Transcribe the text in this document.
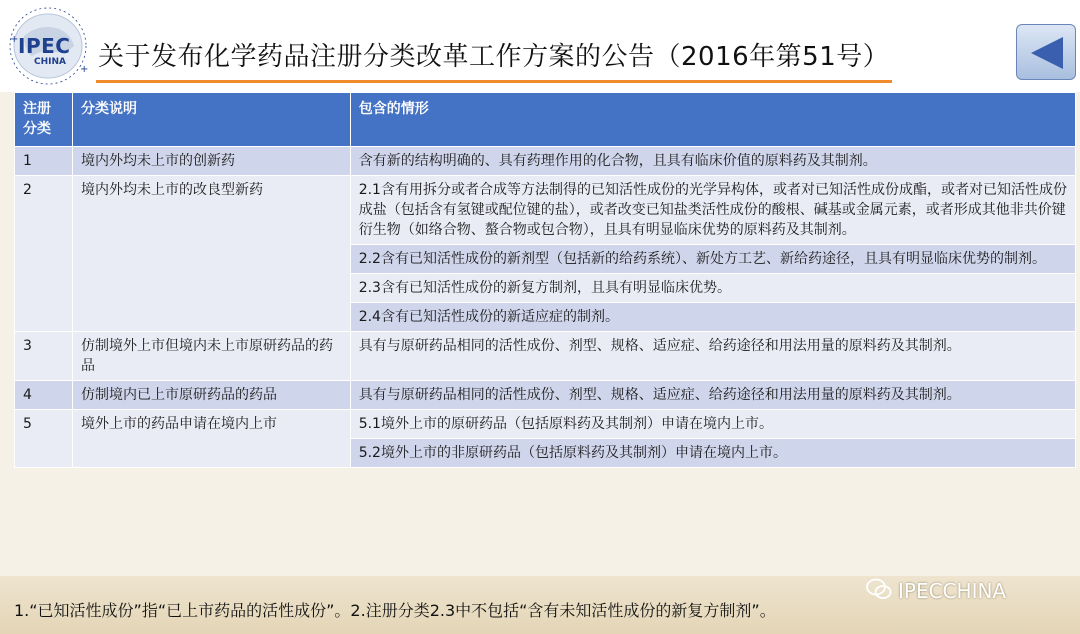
+
+
IPEC
CHINA 关于发布化学药品注册分类改革工作方案的公告（2016年第51号）
注册分类	分类说明	包含的情形
1	境内外均未上市的创新药	含有新的结构明确的、具有药理作用的化合物，且具有临床价值的原料药及其制剂。
2	境内外均未上市的改良型新药	2.1含有用拆分或者合成等方法制得的已知活性成份的光学异构体，或者对已知活性成份成酯，或者对已知活性成份成盐（包括含有氢键或配位键的盐），或者改变已知盐类活性成份的酸根、碱基或金属元素，或者形成其他非共价键衍生物（如络合物、螯合物或包合物），且具有明显临床优势的原料药及其制剂。
		2.2含有已知活性成份的新剂型（包括新的给药系统）、新处方工艺、新给药途径，且具有明显临床优势的制剂。
		2.3含有已知活性成份的新复方制剂，且具有明显临床优势。
		2.4含有已知活性成份的新适应症的制剂。
3	仿制境外上市但境内未上市原研药品的药品	具有与原研药品相同的活性成份、剂型、规格、适应症、给药途径和用法用量的原料药及其制剂。
4	仿制境内已上市原研药品的药品	具有与原研药品相同的活性成份、剂型、规格、适应症、给药途径和用法用量的原料药及其制剂。
5	境外上市的药品申请在境内上市	5.1境外上市的原研药品（包括原料药及其制剂）申请在境内上市。
		5.2境外上市的非原研药品（包括原料药及其制剂）申请在境内上市。
IPECCHINA
1.“已知活性成份”指“已上市药品的活性成份”。2.注册分类2.3中不包括“含有未知活性成份的新复方制剂”。
